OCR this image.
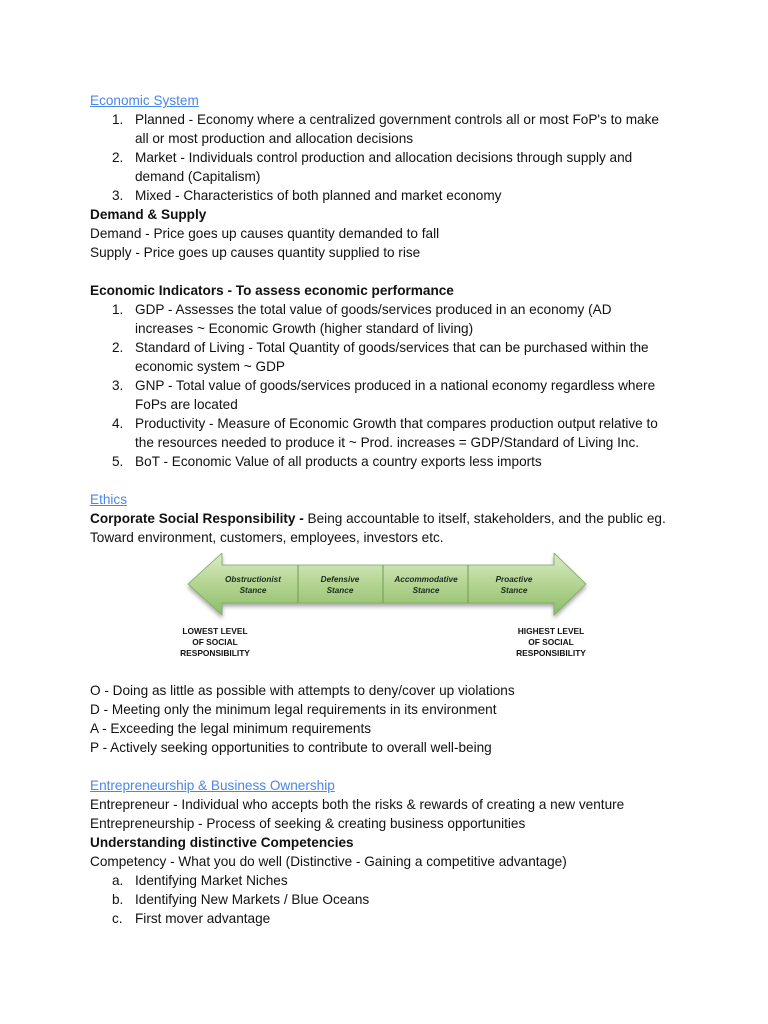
Economic System

1. Planned - Economy where a centralized government controls all or most FoP's to make
all or most production and allocation decisions
2. Market - Individuals control production and allocation decisions through supply and
demand (Capitalism)
3. Mixed - Characteristics of both planned and market economy

Demand & Supply

Demand - Price goes up causes quantity demanded to fall

Supply - Price goes up causes quantity supplied to rise

Economic Indicators - To assess economic performance

1. GDP - Assesses the total value of goods/services produced in an economy (AD
increases ~ Economic Growth (higher standard of living)
2. Standard of Living - Total Quantity of goods/services that can be purchased within the
economic system ~ GDP
3. GNP - Total value of goods/services produced in a national economy regardless where
FoPs are located
4. Productivity - Measure of Economic Growth that compares production output relative to
the resources needed to produce it ~ Prod. increases = GDP/Standard of Living Inc.
5. BoT - Economic Value of all products a country exports less imports

Ethics

Corporate Social Responsibility - Being accountable to itself, stakeholders, and the public eg.

Toward environment, customers, employees, investors etc.

Obstructionist
Stance
Defensive
Stance
Accommodative
Stance
Proactive
Stance
LOWEST LEVEL
OF SOCIAL
RESPONSIBILITY
HIGHEST LEVEL
OF SOCIAL
RESPONSIBILITY

O - Doing as little as possible with attempts to deny/cover up violations

D - Meeting only the minimum legal requirements in its environment

A - Exceeding the legal minimum requirements

P - Actively seeking opportunities to contribute to overall well-being

Entrepreneurship & Business Ownership

Entrepreneur - Individual who accepts both the risks & rewards of creating a new venture

Entrepreneurship - Process of seeking & creating business opportunities

Understanding distinctive Competencies

Competency - What you do well (Distinctive - Gaining a competitive advantage)

a. Identifying Market Niches
b. Identifying New Markets / Blue Oceans
c. First mover advantage
